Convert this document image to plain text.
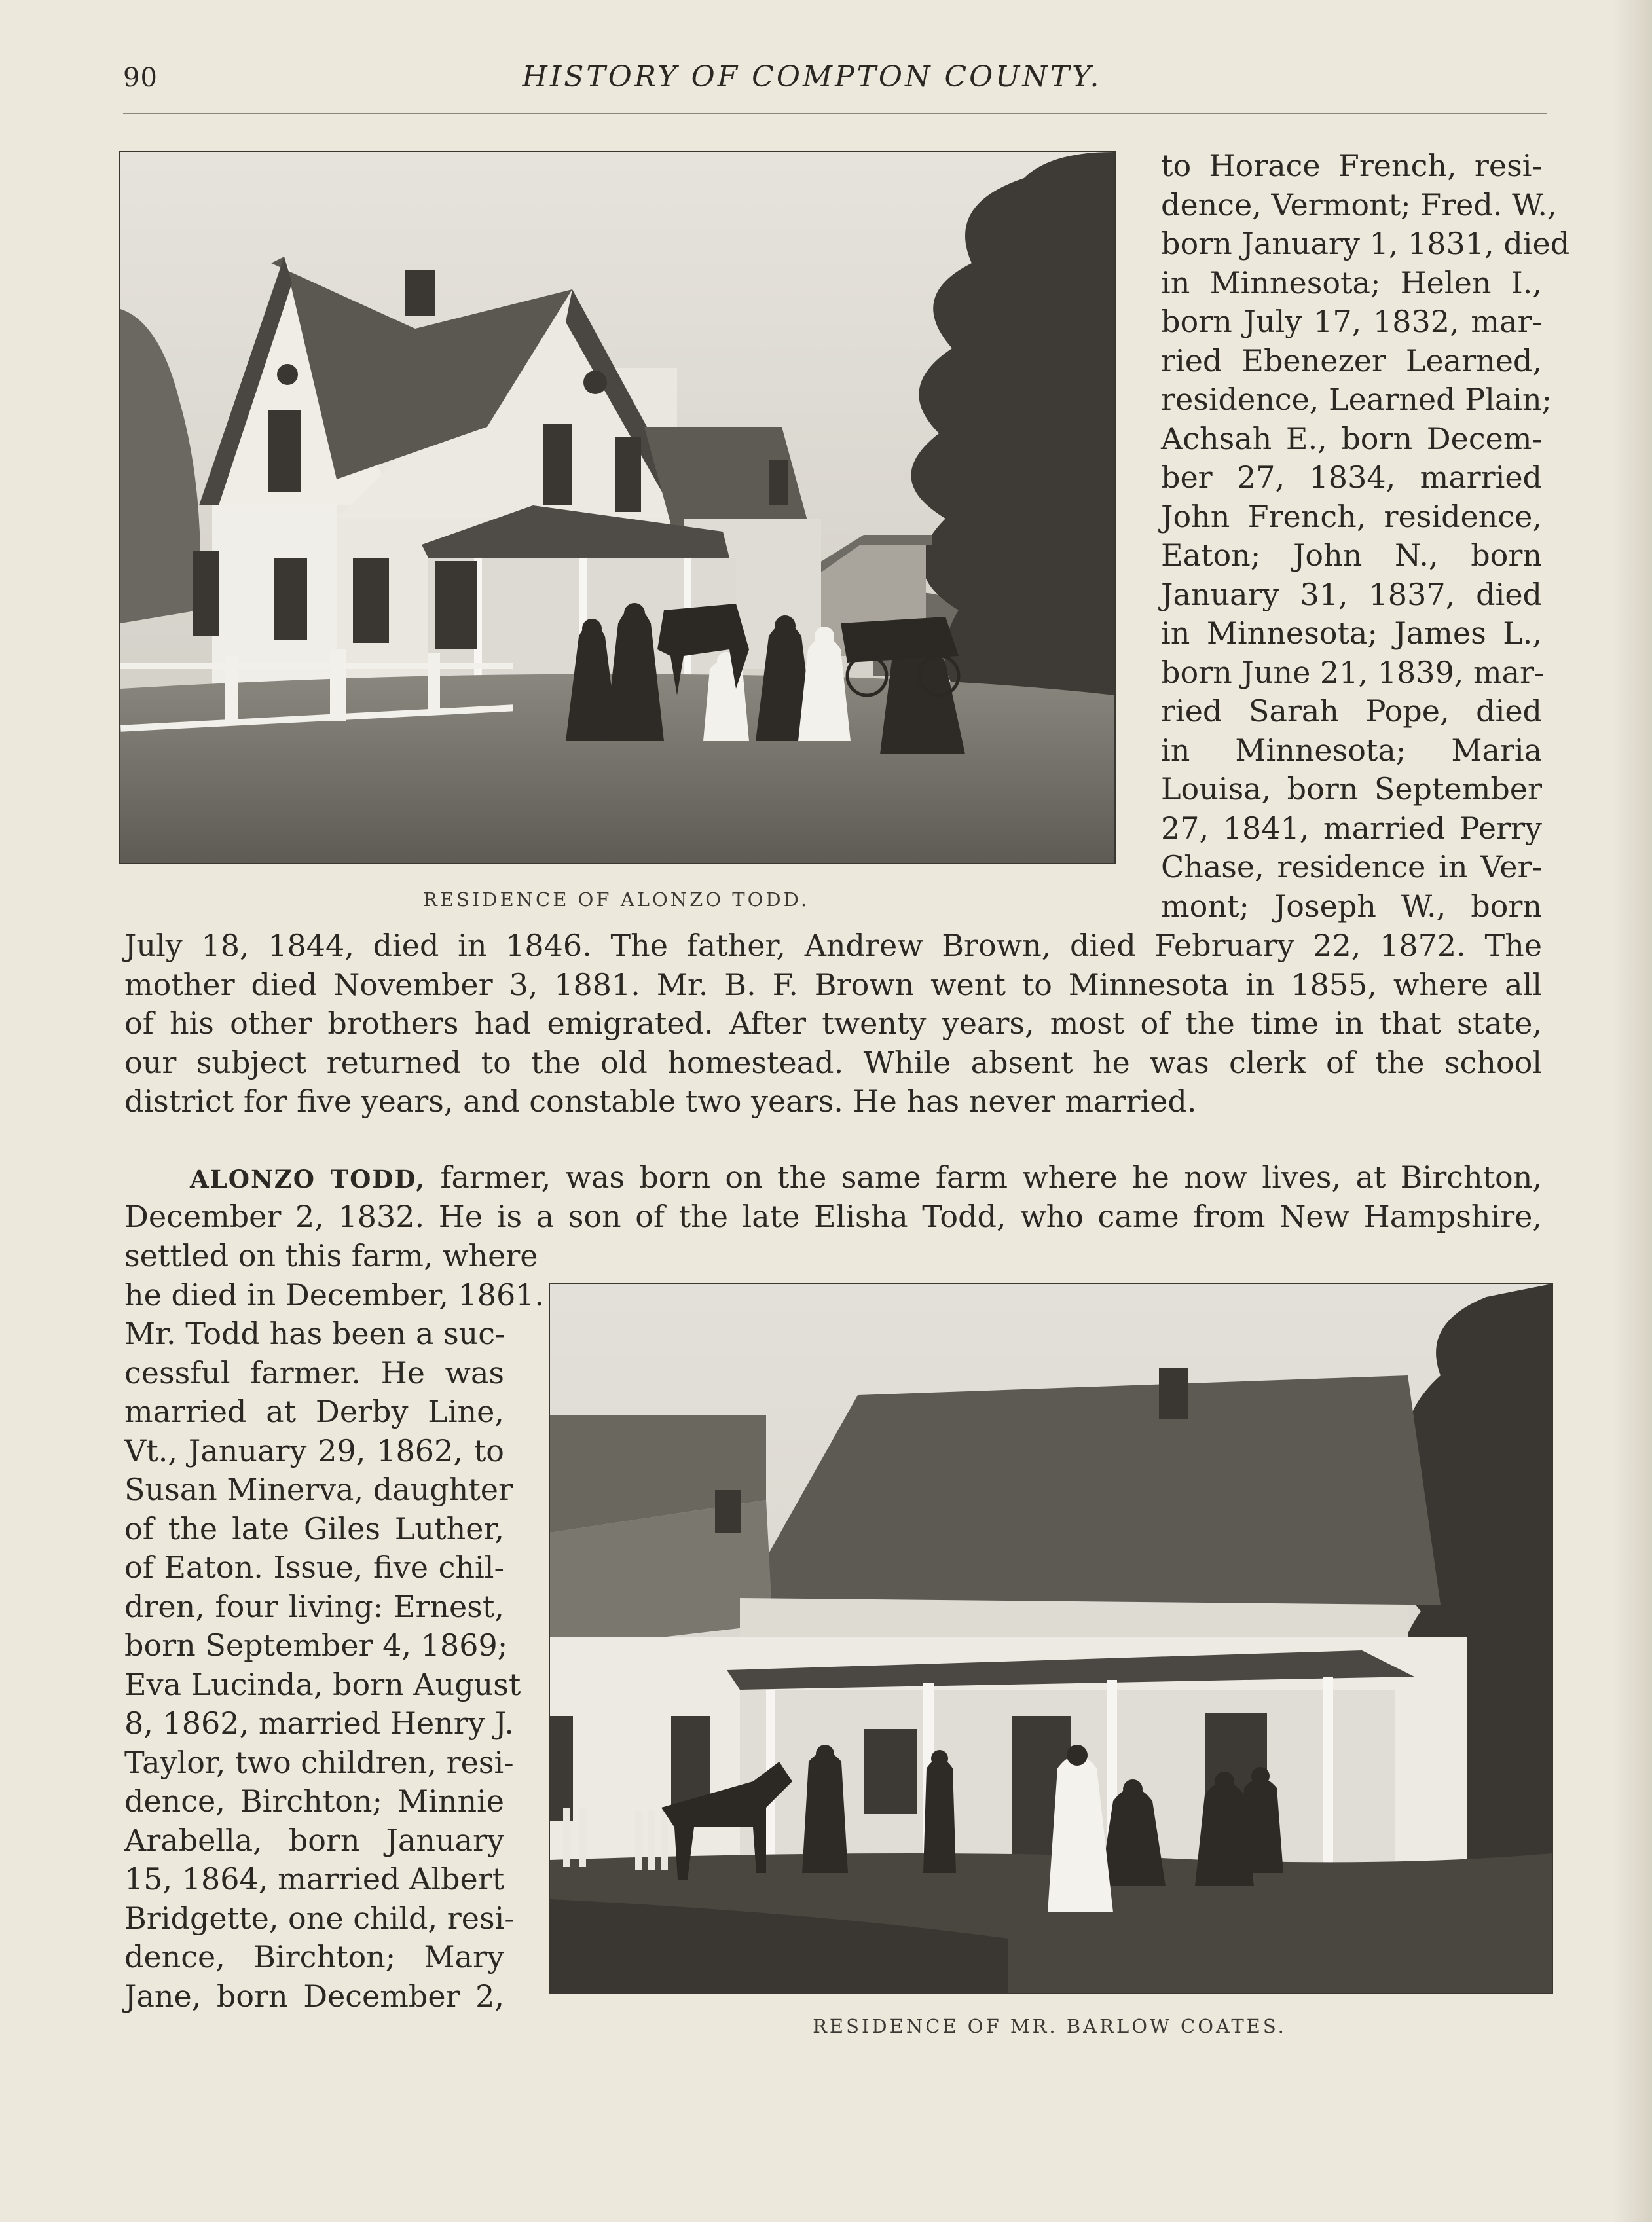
90	HISTORY OF COMPTON COUNTY.
RESIDENCE OF ALONZO TODD.
to Horace French, resi-
dence, Vermont; Fred. W.,
born January 1, 1831, died
in Minnesota; Helen I.,
born July 17, 1832, mar-
ried Ebenezer Learned,
residence, Learned Plain;
Achsah E., born Decem-
ber 27, 1834, married
John French, residence,
Eaton; John N., born
January 31, 1837, died
in Minnesota; James L.,
born June 21, 1839, mar-
ried Sarah Pope, died
in Minnesota; Maria
Louisa, born September
27, 1841, married Perry
Chase, residence in Ver-
mont; Joseph W., born
July 18, 1844, died in 1846. The father, Andrew Brown, died February 22, 1872. The
mother died November 3, 1881. Mr. B. F. Brown went to Minnesota in 1855, where all
of his other brothers had emigrated. After twenty years, most of the time in that state,
our subject returned to the old homestead. While absent he was clerk of the school
district for five years, and constable two years. He has never married.
ALONZO TODD, farmer, was born on the same farm where he now lives, at Birchton,
December 2, 1832. He is a son of the late Elisha Todd, who came from New Hampshire,
settled on this farm, where
he died in December, 1861.
Mr. Todd has been a suc-
cessful farmer. He was
married at Derby Line,
Vt., January 29, 1862, to
Susan Minerva, daughter
of the late Giles Luther,
of Eaton. Issue, five chil-
dren, four living: Ernest,
born September 4, 1869;
Eva Lucinda, born August
8, 1862, married Henry J.
Taylor, two children, resi-
dence, Birchton; Minnie
Arabella, born January
15, 1864, married Albert
Bridgette, one child, resi-
dence, Birchton; Mary
Jane, born December 2,
RESIDENCE OF MR. BARLOW COATES.
